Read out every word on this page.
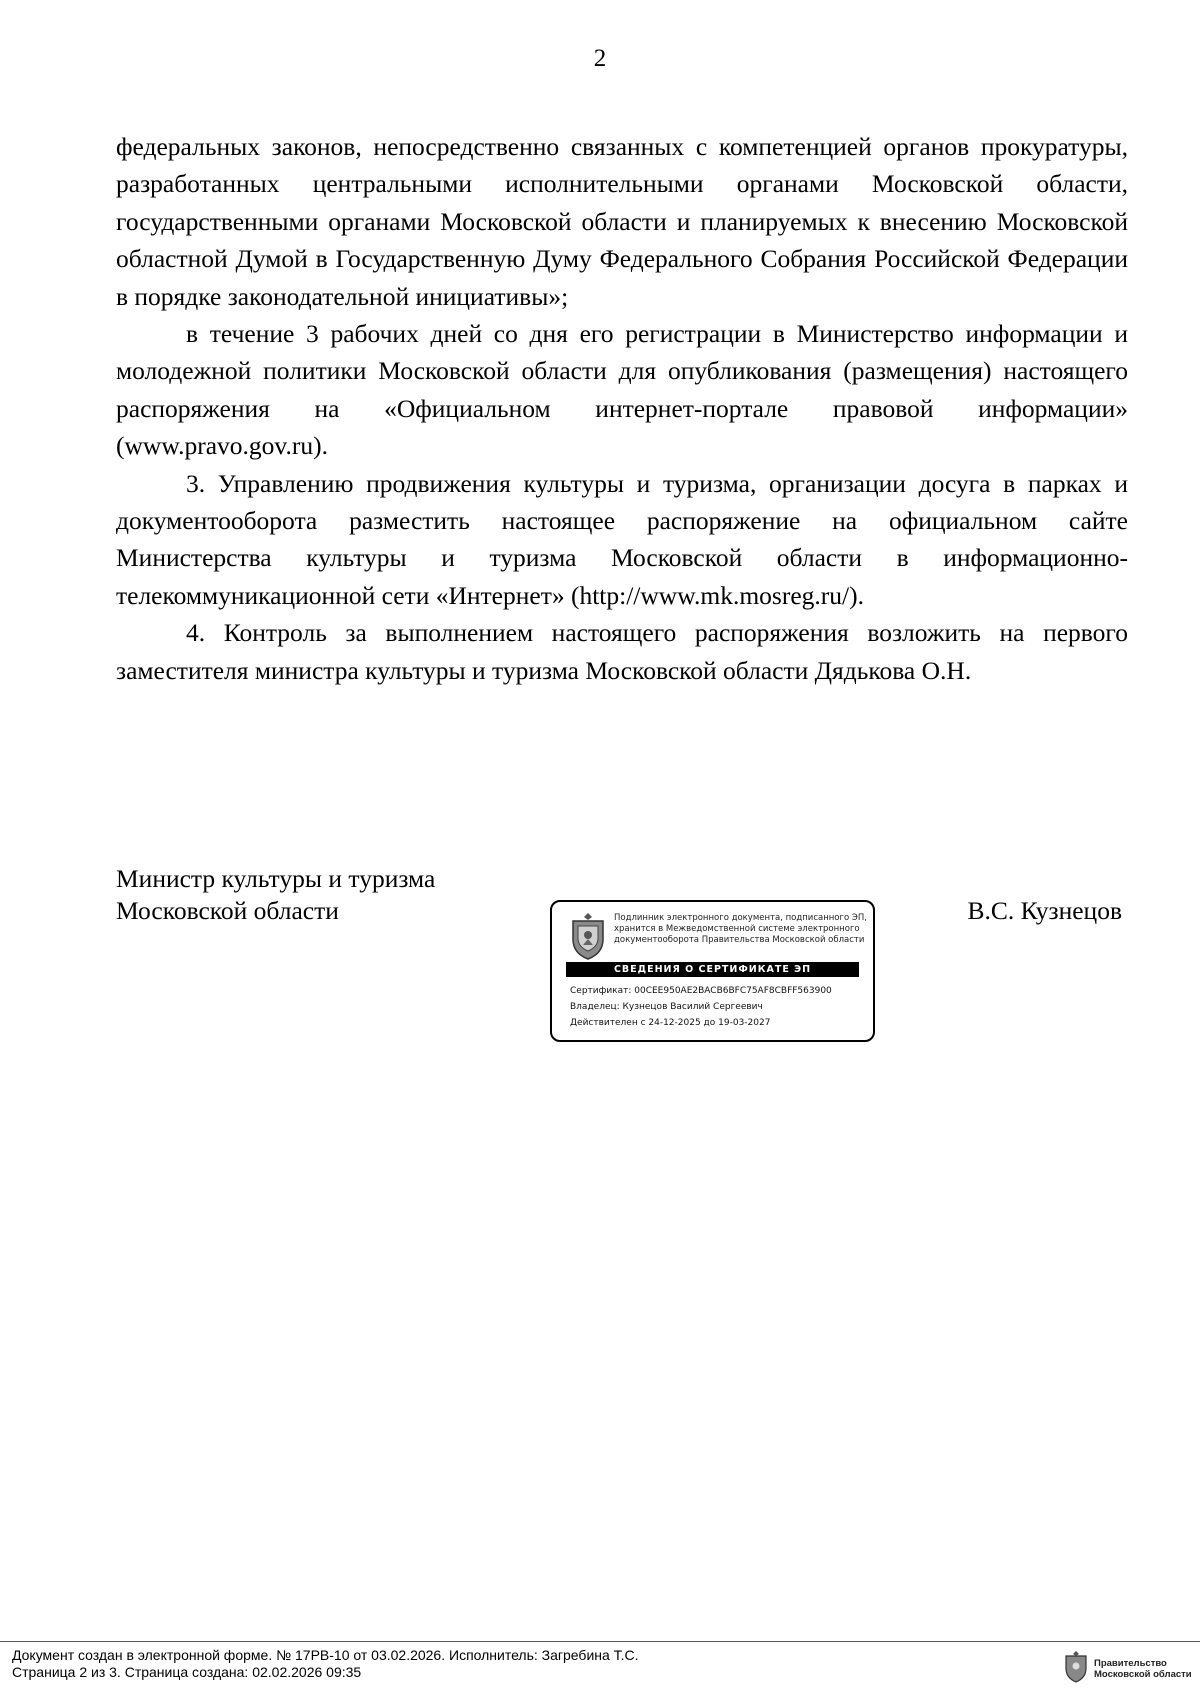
2

федеральных законов, непосредственно связанных с компетенцией органов прокуратуры, разработанных центральными исполнительными органами Московской области, государственными органами Московской области и планируемых к внесению Московской областной Думой в Государственную Думу Федерального Собрания Российской Федерации в порядке законодательной инициативы»;

в течение 3 рабочих дней со дня его регистрации в Министерство информации и молодежной политики Московской области для опубликования (размещения) настоящего распоряжения на «Официальном интернет-портале правовой информации» (www.pravo.gov.ru).

3. Управлению продвижения культуры и туризма, организации досуга в парках и документооборота разместить настоящее распоряжение на официальном сайте Министерства культуры и туризма Московской области в информационно-телекоммуникационной сети «Интернет» (http://www.mk.mosreg.ru/).

4. Контроль за выполнением настоящего распоряжения возложить на первого заместителя министра культуры и туризма Московской области Дядькова О.Н.

Министр культуры и туризма
Московской области	Подлинник электронного документа, подписанного ЭП,
хранится в Межведомственной системе электронного
документооборота Правительства Московской области
СВЕДЕНИЯ О СЕРТИФИКАТЕ ЭП
Сертификат: 00CEE950AE2BACB6BFC75AF8CBFF563900
Владелец: Кузнецов Василий Сергеевич
Действителен с 24-12-2025 до 19-03-2027
В.С. Кузнецов
Документ создан в электронной форме. № 17РВ-10 от 03.02.2026. Исполнитель: Загребина Т.С.
Страница 2 из 3. Страница создана: 02.02.2026 09:35
Правительство
Московской области
